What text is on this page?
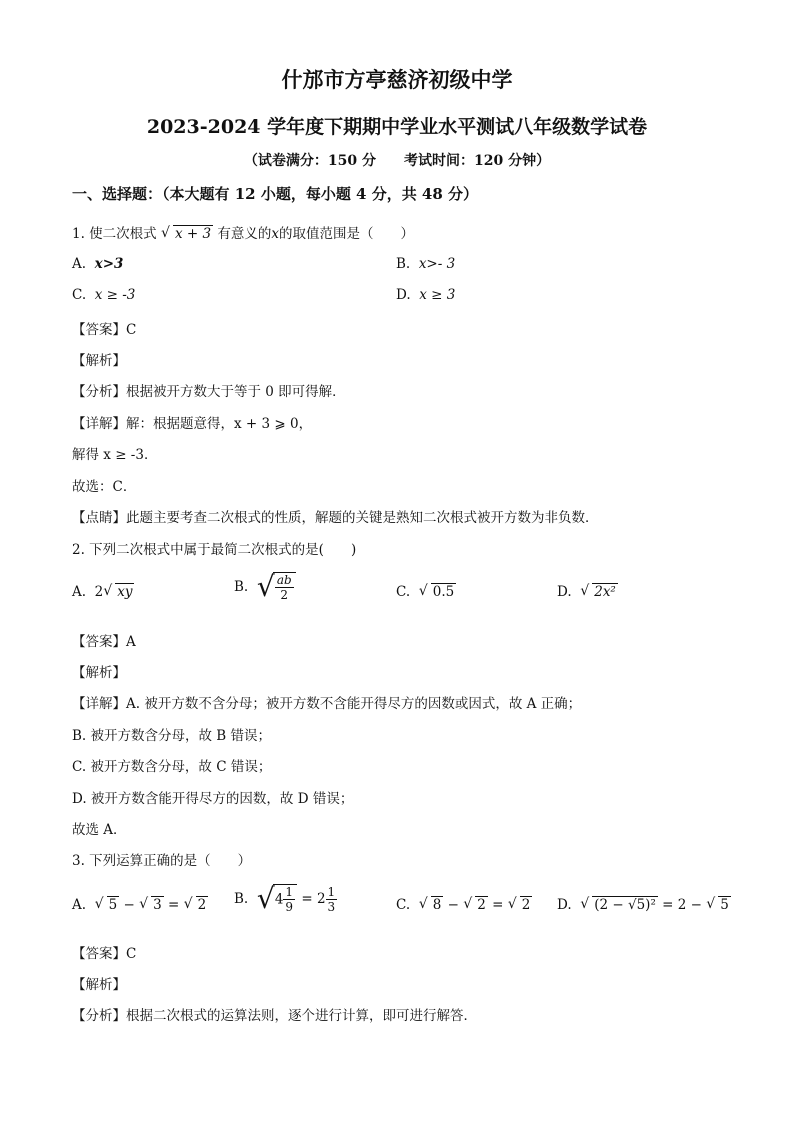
什邡市方亭慈济初级中学
2023-2024 学年度下期期中学业水平测试八年级数学试卷
（试卷满分：150 分　　考试时间：120 分钟）
一、选择题：（本大题有 12 小题，每小题 4 分，共 48 分）
1. 使二次根式 √ x + 3 有意义的x的取值范围是（　　）
A. x>3	B. x>- 3
C. x ≥ -3	D. x ≥ 3
【答案】C
【解析】
【分析】根据被开方数大于等于 0 即可得解．
【详解】解：根据题意得，x + 3 ⩾ 0，
解得 x ≥ -3．
故选：C．
【点睛】此题主要考查二次根式的性质，解题的关键是熟知二次根式被开方数为非负数．
2. 下列二次根式中属于最简二次根式的是(　　)
A. 2 √ xy	B. √ $\frac{ab}{2}$	C. √ 0.5	D. √ 2x²
【答案】A
【解析】
【详解】A. 被开方数不含分母；被开方数不含能开得尽方的因数或因式，故 A 正确；
B. 被开方数含分母，故 B 错误；
C. 被开方数含分母，故 C 错误；
D. 被开方数含能开得尽方的因数，故 D 错误；
故选 A．
3. 下列运算正确的是（　　）
A. √ 5 − √ 3 = √ 2 B. √ $4 \frac{1}{9} = 2 \frac{1}{3}$	C. √ 8 − √ 2 = √ 2 D. √ (2 − √5)² = 2 − √ 5
【答案】C
【解析】
【分析】根据二次根式的运算法则，逐个进行计算，即可进行解答．
